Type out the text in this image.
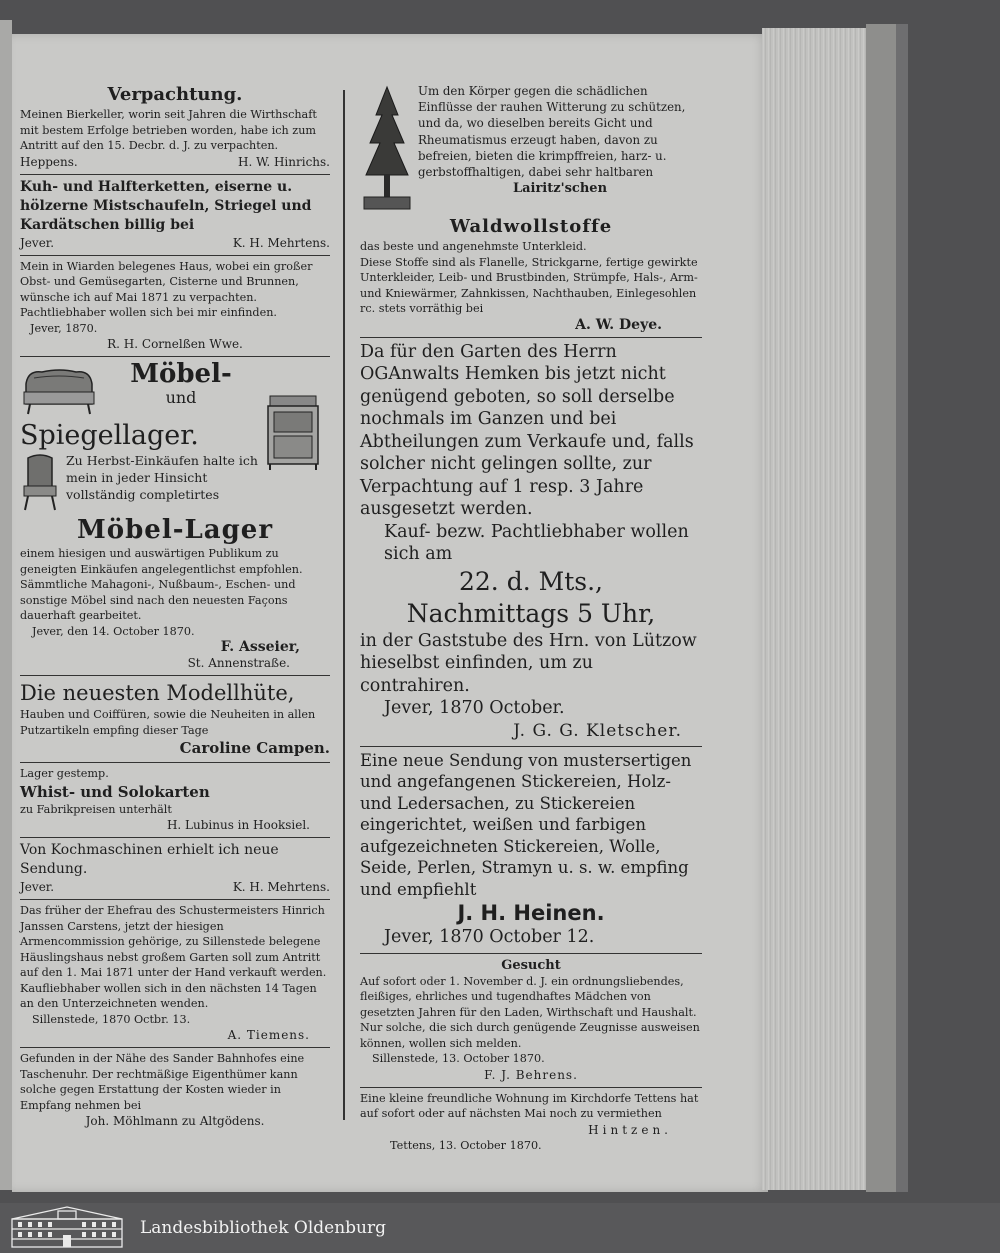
Verpachtung.

Meinen Bierkeller, worin seit Jahren die Wirthschaft mit bestem Erfolge betrieben worden, habe ich zum Antritt auf den 15. Decbr. d. J. zu verpachten.

Heppens.	H. W. Hinrichs.

Kuh- und Halfterketten, eiserne u. hölzerne Mistschaufeln, Striegel und Kardätschen billig bei

Jever.	K. H. Mehrtens.

Mein in Wiarden belegenes Haus, wobei ein großer Obst- und Gemüsegarten, Cisterne und Brunnen, wünsche ich auf Mai 1871 zu verpachten. Pachtliebhaber wollen sich bei mir einfinden.

Jever, 1870.

R. H. Cornelßen Wwe.

Möbel-

und

Spiegellager.

Zu Herbst-Einkäufen halte ich mein in jeder Hinsicht vollständig completirtes

Möbel-Lager

einem hiesigen und auswärtigen Publikum zu geneigten Einkäufen angelegentlichst empfohlen.

Sämmtliche Mahagoni-, Nußbaum-, Eschen- und sonstige Möbel sind nach den neuesten Façons dauerhaft gearbeitet.

Jever, den 14. October 1870.

F. Asseier,

St. Annenstraße.

Die neuesten Modellhüte,

Hauben und Coiffüren, sowie die Neuheiten in allen Putzartikeln empfing dieser Tage

Caroline Campen.

Lager gestemp.

Whist- und Solokarten

zu Fabrikpreisen unterhält

H. Lubinus in Hooksiel.

Von Kochmaschinen erhielt ich neue Sendung.

Jever.	K. H. Mehrtens.

Das früher der Ehefrau des Schustermeisters Hinrich Janssen Carstens, jetzt der hiesigen Armencommission gehörige, zu Sillenstede belegene Häuslingshaus nebst großem Garten soll zum Antritt auf den 1. Mai 1871 unter der Hand verkauft werden. Kaufliebhaber wollen sich in den nächsten 14 Tagen an den Unterzeichneten wenden.

Sillenstede, 1870 Octbr. 13.

A. Tiemens.

Gefunden in der Nähe des Sander Bahnhofes eine Taschenuhr. Der rechtmäßige Eigenthümer kann solche gegen Erstattung der Kosten wieder in Empfang nehmen bei

Joh. Möhlmann zu Altgödens.

Um den Körper gegen die schädlichen Einflüsse der rauhen Witterung zu schützen, und da, wo dieselben bereits Gicht und Rheumatismus erzeugt haben, davon zu befreien, bieten die krimpffreien, harz- u. gerbstoffhaltigen, dabei sehr haltbaren

Lairitz'schen

Waldwollstoffe

das beste und angenehmste Unterkleid.

Diese Stoffe sind als Flanelle, Strickgarne, fertige gewirkte Unterkleider, Leib- und Brustbinden, Strümpfe, Hals-, Arm- und Kniewärmer, Zahnkissen, Nachthauben, Einlegesohlen rc. stets vorräthig bei

A. W. Deye.

Da für den Garten des Herrn OGAnwalts Hemken bis jetzt nicht genügend geboten, so soll derselbe nochmals im Ganzen und bei Abtheilungen zum Verkaufe und, falls solcher nicht gelingen sollte, zur Verpachtung auf 1 resp. 3 Jahre ausgesetzt werden.

Kauf- bezw. Pachtliebhaber wollen sich am

22. d. Mts.,

Nachmittags 5 Uhr,

in der Gaststube des Hrn. von Lützow hieselbst einfinden, um zu contrahiren.

Jever, 1870 October.

J. G. G. Kletscher.

Eine neue Sendung von mustersertigen und angefangenen Stickereien, Holz- und Ledersachen, zu Stickereien eingerichtet, weißen und farbigen aufgezeichneten Stickereien, Wolle, Seide, Perlen, Stramyn u. s. w. empfing und empfiehlt

J. H. Heinen.

Jever, 1870 October 12.

Gesucht

Auf sofort oder 1. November d. J. ein ordnungsliebendes, fleißiges, ehrliches und tugendhaftes Mädchen von gesetzten Jahren für den Laden, Wirthschaft und Haushalt. Nur solche, die sich durch genügende Zeugnisse ausweisen können, wollen sich melden.

Sillenstede, 13. October 1870.

F. J. Behrens.

Eine kleine freundliche Wohnung im Kirchdorfe Tettens hat auf sofort oder auf nächsten Mai noch zu vermiethen

Hintzen.

Tettens, 13. October 1870.

Landesbibliothek Oldenburg
